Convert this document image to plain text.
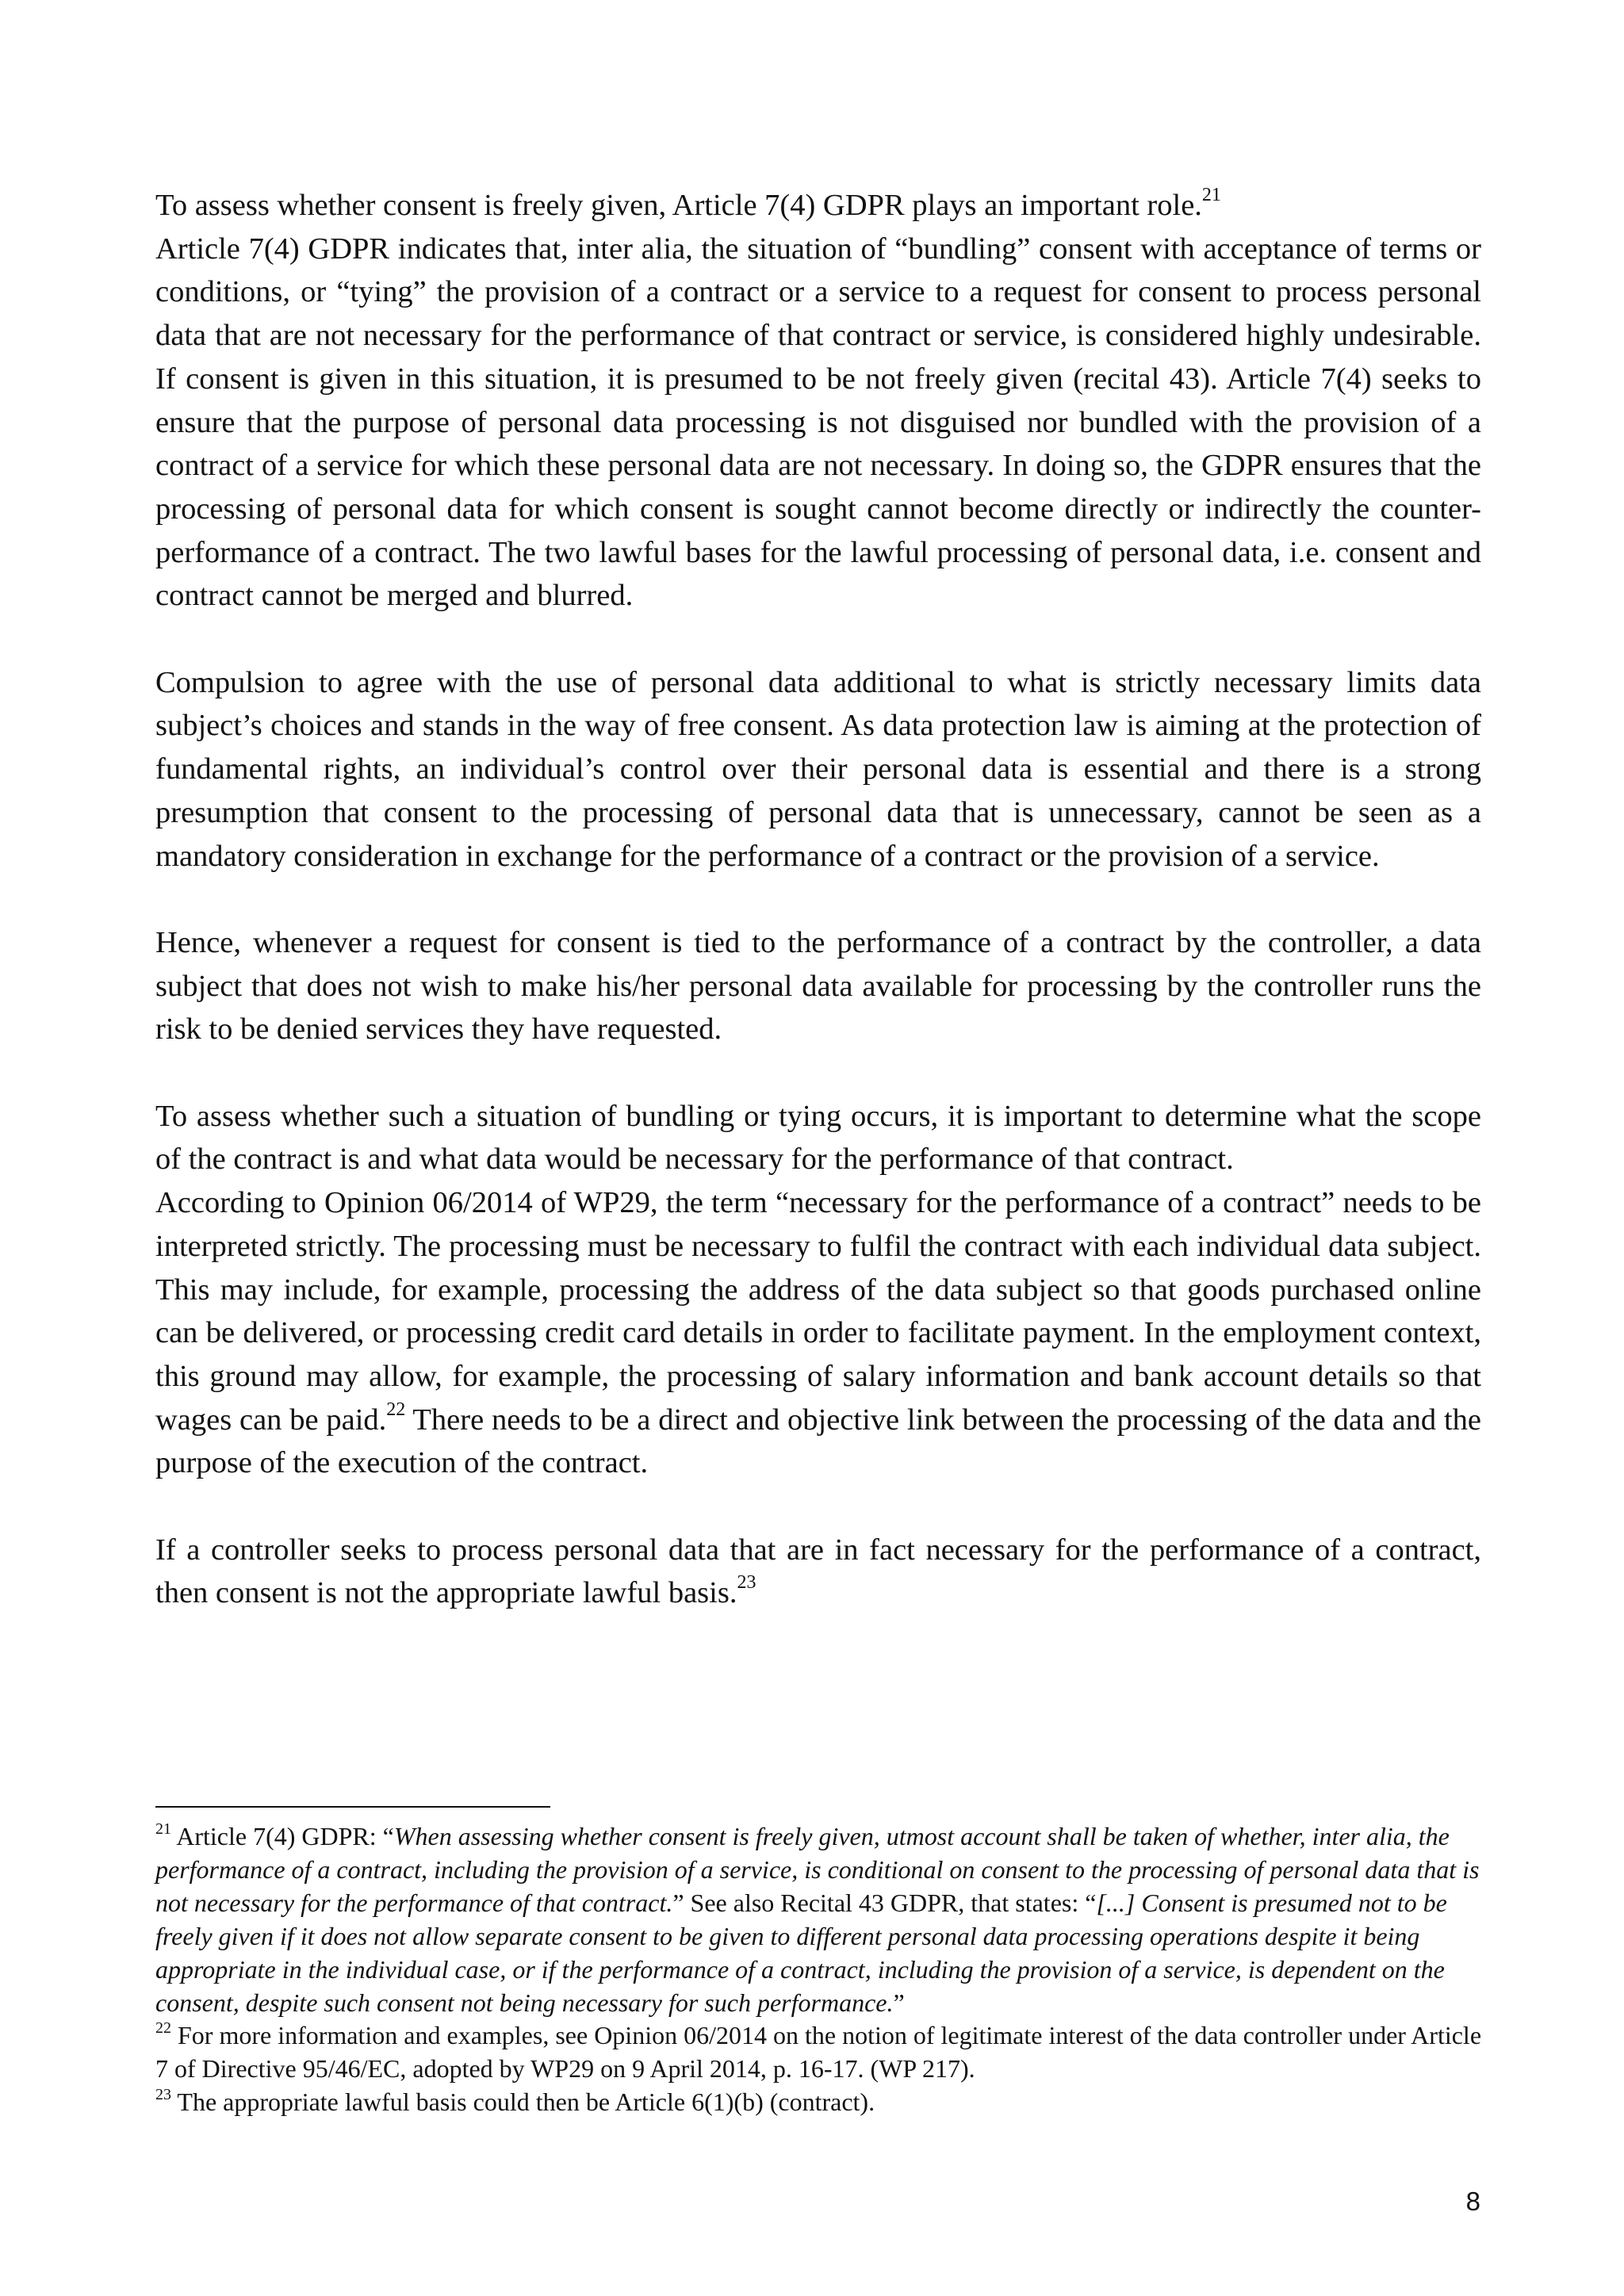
To assess whether consent is freely given, Article 7(4) GDPR plays an important role.$^{21}$

Article 7(4) GDPR indicates that, inter alia, the situation of “bundling” consent with acceptance of terms or conditions, or “tying” the provision of a contract or a service to a request for consent to process personal data that are not necessary for the performance of that contract or service, is considered highly undesirable. If consent is given in this situation, it is presumed to be not freely given (recital 43). Article 7(4) seeks to ensure that the purpose of personal data processing is not disguised nor bundled with the provision of a contract of a service for which these personal data are not necessary. In doing so, the GDPR ensures that the processing of personal data for which consent is sought cannot become directly or indirectly the counter-performance of a contract. The two lawful bases for the lawful processing of personal data, i.e. consent and contract cannot be merged and blurred.

Compulsion to agree with the use of personal data additional to what is strictly necessary limits data subject’s choices and stands in the way of free consent. As data protection law is aiming at the protection of fundamental rights, an individual’s control over their personal data is essential and there is a strong presumption that consent to the processing of personal data that is unnecessary, cannot be seen as a mandatory consideration in exchange for the performance of a contract or the provision of a service.

Hence, whenever a request for consent is tied to the performance of a contract by the controller, a data subject that does not wish to make his/her personal data available for processing by the controller runs the risk to be denied services they have requested.

To assess whether such a situation of bundling or tying occurs, it is important to determine what the scope of the contract is and what data would be necessary for the performance of that contract.

According to Opinion 06/2014 of WP29, the term “necessary for the performance of a contract” needs to be interpreted strictly. The processing must be necessary to fulfil the contract with each individual data subject. This may include, for example, processing the address of the data subject so that goods purchased online can be delivered, or processing credit card details in order to facilitate payment. In the employment context, this ground may allow, for example, the processing of salary information and bank account details so that wages can be paid.$^{22}$ There needs to be a direct and objective link between the processing of the data and the purpose of the execution of the contract.

If a controller seeks to process personal data that are in fact necessary for the performance of a contract, then consent is not the appropriate lawful basis.$^{23}$

$^{21}$ Article 7(4) GDPR: “When assessing whether consent is freely given, utmost account shall be taken of whether, inter alia, the performance of a contract, including the provision of a service, is conditional on consent to the processing of personal data that is not necessary for the performance of that contract.” See also Recital 43 GDPR, that states: “[...] Consent is presumed not to be freely given if it does not allow separate consent to be given to different personal data processing operations despite it being appropriate in the individual case, or if the performance of a contract, including the provision of a service, is dependent on the consent, despite such consent not being necessary for such performance.”

$^{22}$ For more information and examples, see Opinion 06/2014 on the notion of legitimate interest of the data controller under Article 7 of Directive 95/46/EC, adopted by WP29 on 9 April 2014, p. 16-17. (WP 217).

$^{23}$ The appropriate lawful basis could then be Article 6(1)(b) (contract).

8
